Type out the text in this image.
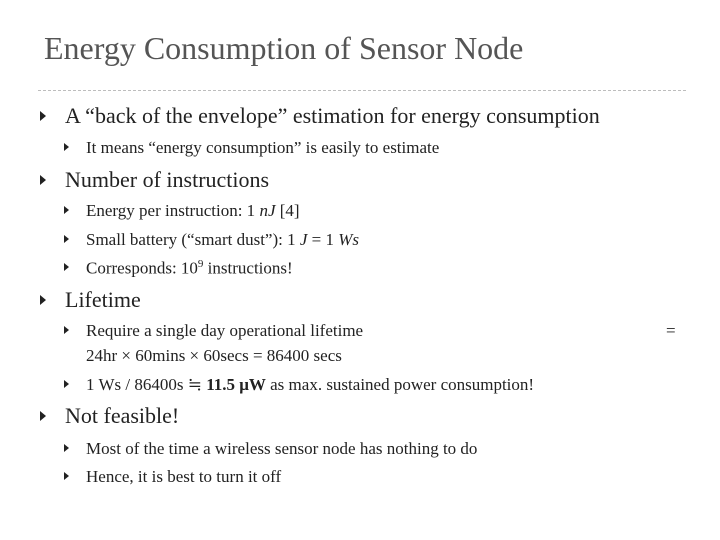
Energy Consumption of Sensor Node
A “back of the envelope” estimation for energy consumption
It means “energy consumption” is easily to estimate
Number of instructions
Energy per instruction: 1 nJ [4]
Small battery (“smart dust”): 1 J = 1 Ws
Corresponds: $10^9$ instructions!
Lifetime
Require a single day operational lifetime
24hr × 60mins × 60secs = 86400 secs
=
1 Ws / 86400s ≒ 11.5 μW as max. sustained power consumption!
Not feasible!
Most of the time a wireless sensor node has nothing to do
Hence, it is best to turn it off
